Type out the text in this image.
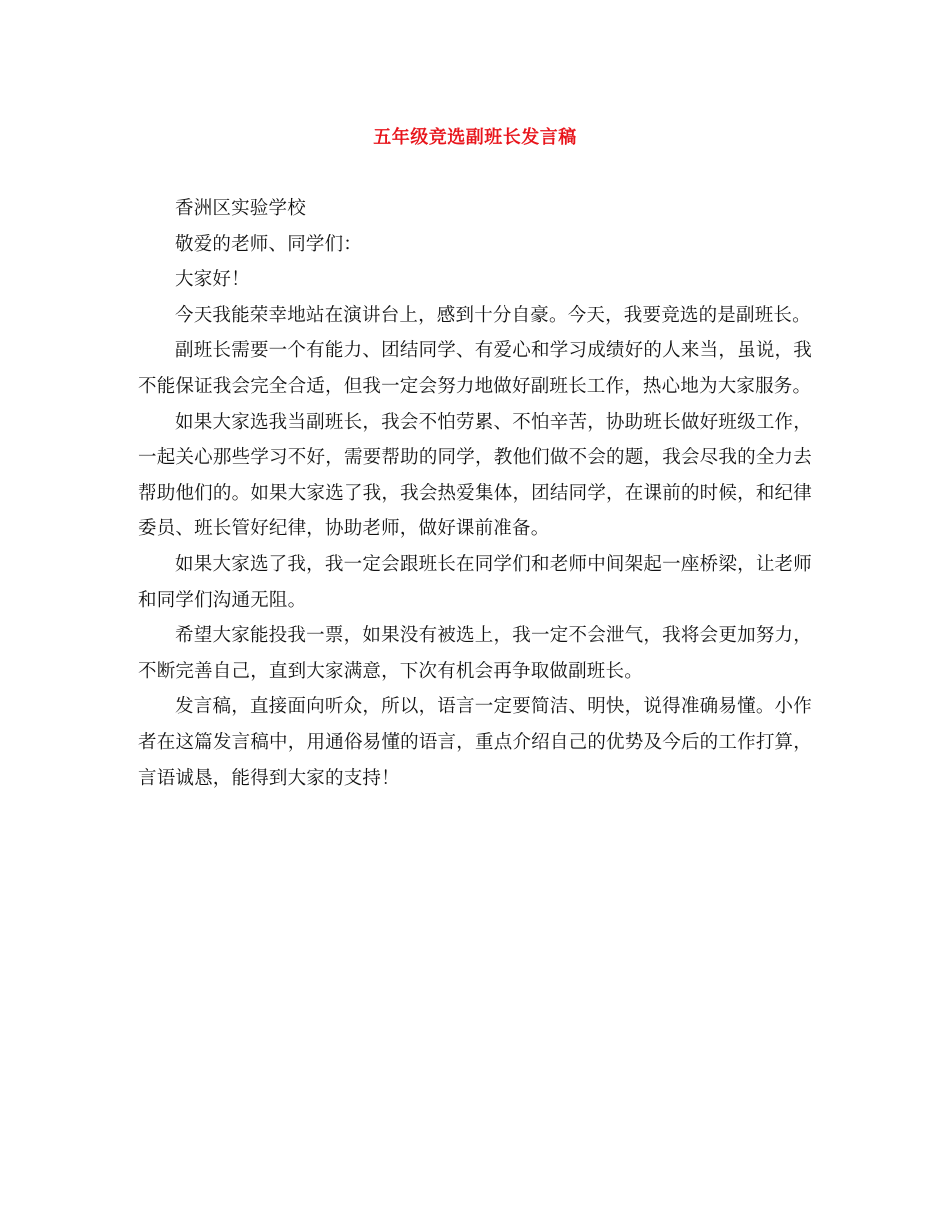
五年级竞选副班长发言稿

香洲区实验学校

敬爱的老师、同学们：

大家好！

今天我能荣幸地站在演讲台上，感到十分自豪。今天，我要竞选的是副班长。

副班长需要一个有能力、团结同学、有爱心和学习成绩好的人来当，虽说，我不能保证我会完全合适，但我一定会努力地做好副班长工作，热心地为大家服务。

如果大家选我当副班长，我会不怕劳累、不怕辛苦，协助班长做好班级工作，一起关心那些学习不好，需要帮助的同学，教他们做不会的题，我会尽我的全力去帮助他们的。如果大家选了我，我会热爱集体，团结同学，在课前的时候，和纪律委员、班长管好纪律，协助老师，做好课前准备。

如果大家选了我，我一定会跟班长在同学们和老师中间架起一座桥梁，让老师和同学们沟通无阻。

希望大家能投我一票，如果没有被选上，我一定不会泄气，我将会更加努力，不断完善自己，直到大家满意，下次有机会再争取做副班长。

发言稿，直接面向听众，所以，语言一定要简洁、明快，说得准确易懂。小作者在这篇发言稿中，用通俗易懂的语言，重点介绍自己的优势及今后的工作打算，言语诚恳，能得到大家的支持！
